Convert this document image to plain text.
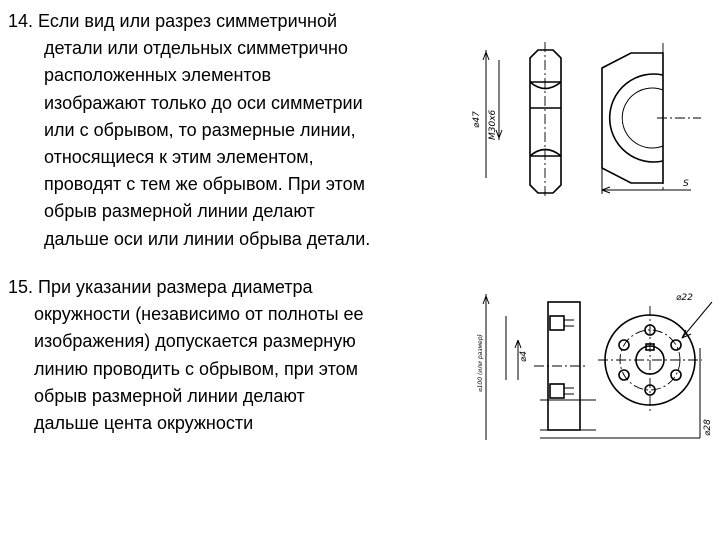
14. Если вид или разрез симметричной

детали или отдельных симметрично

расположенных элементов

изображают только до оси симметрии

или с обрывом, то размерные линии,

относящиеся к этим элементом,

проводят с тем же обрывом. При этом

обрыв размерной линии делают

дальше оси или линии обрыва детали.

15. При указании размера диаметра

окружности (независимо от полноты ее

изображения) допускается размерную

линию проводить с обрывом, при этом

обрыв размерной линии делают

дальше цента окружности

⌀47 M30x6
S
⌀100 (или размер)	⌀4
⌀22
⌀28
